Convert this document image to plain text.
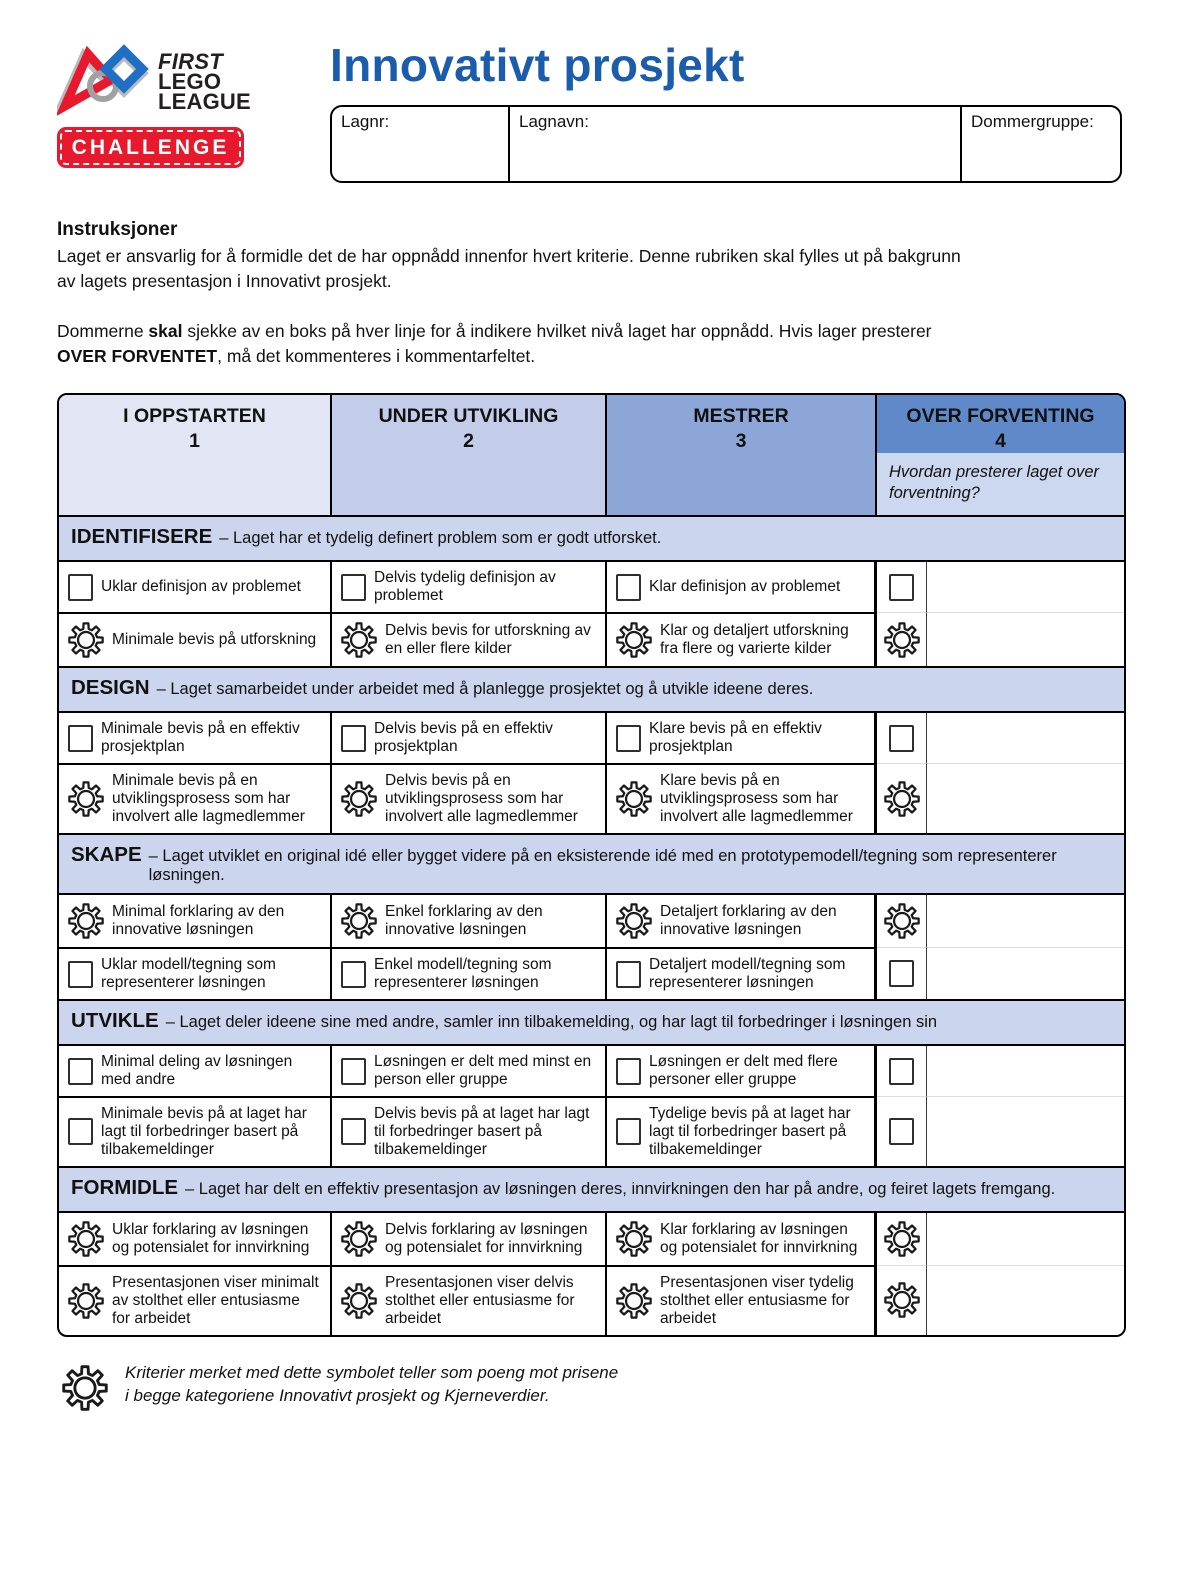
FIRST
LEGO
LEAGUE
CHALLENGE
Innovativt prosjekt
Lagnr:	Lagnavn:	Dommergruppe:
Instruksjoner

Laget er ansvarlig for å formidle det de har oppnådd innenfor hvert kriterie. Denne rubriken skal fylles ut på bakgrunn av lagets presentasjon i Innovativt prosjekt.

Dommerne skal sjekke av en boks på hver linje for å indikere hvilket nivå laget har oppnådd. Hvis lager presterer OVER FORVENTET, må det kommenteres i kommentarfeltet.

I OPPSTARTEN
1
UNDER UTVIKLING
2
MESTRER
3
OVER FORVENTING
4
Hvordan presterer laget over forventning?
IDENTIFISERE – Laget har et tydelig definert problem som er godt utforsket.
Uklar definisjon av problemet
Delvis tydelig definisjon av problemet
Klar definisjon av problemet
Minimale bevis på utforskning
Delvis bevis for utforskning av en eller flere kilder
Klar og detaljert utforskning fra flere og varierte kilder
DESIGN – Laget samarbeidet under arbeidet med å planlegge prosjektet og å utvikle ideene deres.
Minimale bevis på en effektiv prosjektplan
Delvis bevis på en effektiv prosjektplan
Klare bevis på en effektiv prosjektplan
Minimale bevis på en utviklingsprosess som har involvert alle lagmedlemmer
Delvis bevis på en utviklingsprosess som har involvert alle lagmedlemmer
Klare bevis på en utviklingsprosess som har involvert alle lagmedlemmer
SKAPE – Laget utviklet en original idé eller bygget videre på en eksisterende idé med en prototypemodell/tegning som representerer løsningen.
Minimal forklaring av den innovative løsningen
Enkel forklaring av den innovative løsningen
Detaljert forklaring av den innovative løsningen
Uklar modell/tegning som representerer løsningen
Enkel modell/tegning som representerer løsningen
Detaljert modell/tegning som representerer løsningen
UTVIKLE – Laget deler ideene sine med andre, samler inn tilbakemelding, og har lagt til forbedringer i løsningen sin
Minimal deling av løsningen med andre
Løsningen er delt med minst en person eller gruppe
Løsningen er delt med flere personer eller gruppe
Minimale bevis på at laget har lagt til forbedringer basert på tilbakemeldinger
Delvis bevis på at laget har lagt til forbedringer basert på tilbakemeldinger
Tydelige bevis på at laget har lagt til forbedringer basert på tilbakemeldinger
FORMIDLE – Laget har delt en effektiv presentasjon av løsningen deres, innvirkningen den har på andre, og feiret lagets fremgang.
Uklar forklaring av løsningen og potensialet for innvirkning
Delvis forklaring av løsningen og potensialet for innvirkning
Klar forklaring av løsningen og potensialet for innvirkning
Presentasjonen viser minimalt av stolthet eller entusiasme for arbeidet
Presentasjonen viser delvis stolthet eller entusiasme for arbeidet
Presentasjonen viser tydelig stolthet eller entusiasme for arbeidet
Kriterier merket med dette symbolet teller som poeng mot prisene i begge kategoriene Innovativt prosjekt og Kjerneverdier.
